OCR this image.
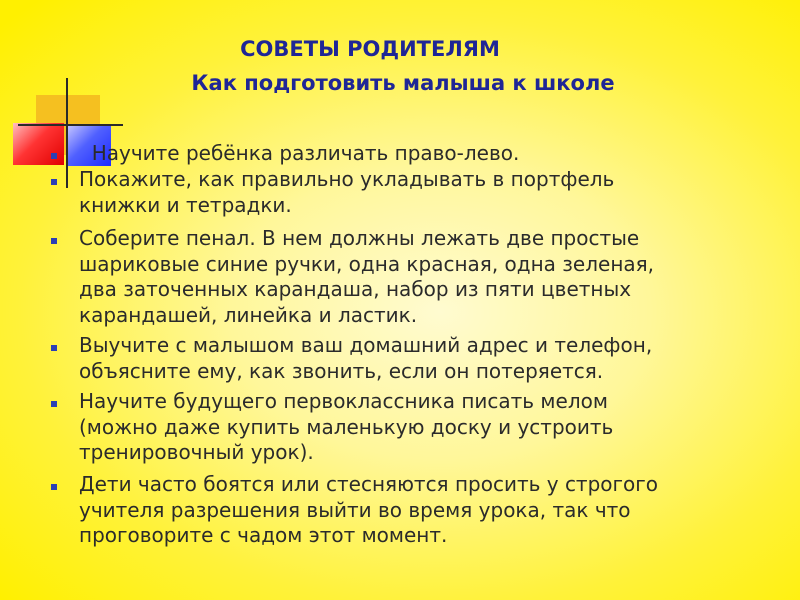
СОВЕТЫ РОДИТЕЛЯМ
Как подготовить малыша к школе
Научите ребёнка различать право-лево.
Покажите, как правильно укладывать в портфель
книжки и тетрадки.
Соберите пенал. В нем должны лежать две простые
шариковые синие ручки, одна красная, одна зеленая,
два заточенных карандаша, набор из пяти цветных
карандашей, линейка и ластик.
Выучите с малышом ваш домашний адрес и телефон,
объясните ему, как звонить, если он потеряется.
Научите будущего первоклассника писать мелом
(можно даже купить маленькую доску и устроить
тренировочный урок).
Дети часто боятся или стесняются просить у строгого
учителя разрешения выйти во время урока, так что
проговорите с чадом этот момент.
